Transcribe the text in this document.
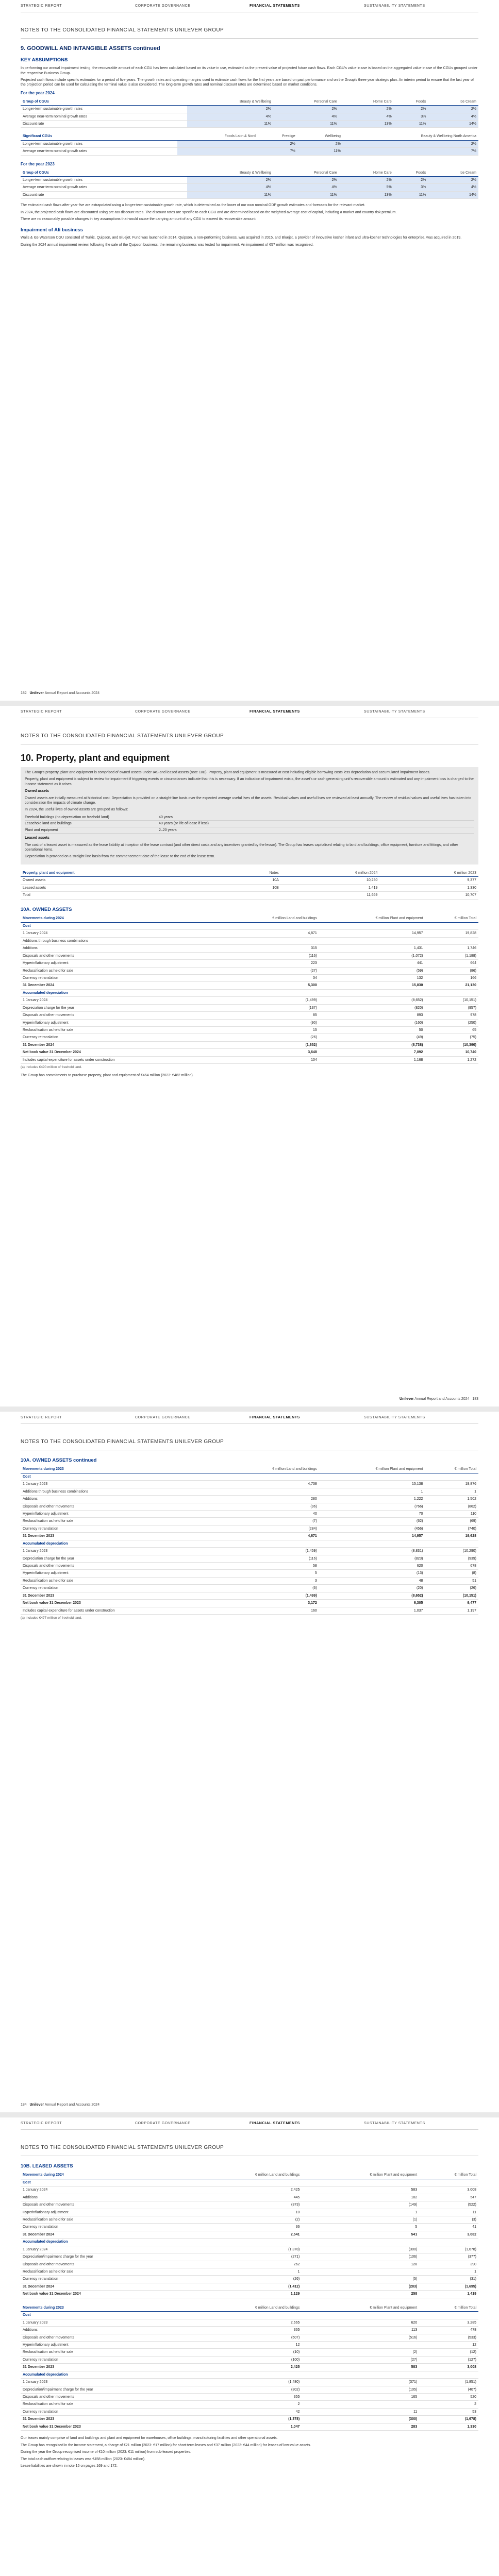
STRATEGIC REPORT	CORPORATE GOVERNANCE	FINANCIAL STATEMENTS	SUSTAINABILITY STATEMENTS
NOTES TO THE CONSOLIDATED FINANCIAL STATEMENTS UNILEVER GROUP
9. GOODWILL AND INTANGIBLE ASSETS continued
KEY ASSUMPTIONS

In performing our annual impairment testing, the recoverable amount of each CGU has been calculated based on its value in use, estimated as the present value of projected future cash flows. Each CGU's value in use is based on the aggregated value in use of the CGUs grouped under the respective Business Group.

Projected cash flows include specific estimates for a period of five years. The growth rates and operating margins used to estimate cash flows for the first years are based on past performance and on the Group's three year strategic plan. An interim period to ensure that the last year of the projection period can be used for calculating the terminal value is also considered. The long-term growth rates and nominal discount rates are determined based on market conditions.

For the year 2024
Group of CGUs	Beauty & Wellbeing	Personal Care	Home Care	Foods	Ice Cream
Longer-term sustainable growth rates	2%	2%	2%	2%	2%
Average near-term nominal growth rates	4%	4%	4%	3%	4%
Discount rate	11%	11%	13%	11%	14%
Significant CGUs	Foods Latin & Nord	Prestige	Wellbeing	Beauty & Wellbeing North America
Longer-term sustainable growth rates		2%	2%	2%
Average near-term nominal growth rates		7%	11%	7%
For the year 2023
Group of CGUs	Beauty & Wellbeing	Personal Care	Home Care	Foods	Ice Cream
Longer-term sustainable growth rates	2%	2%	2%	2%	2%
Average near-term nominal growth rates	4%	4%	5%	3%	4%
Discount rate	11%	11%	13%	11%	14%

The estimated cash flows after year five are extrapolated using a longer-term sustainable growth rate, which is determined as the lower of our own nominal GDP growth estimates and forecasts for the relevant market.

In 2024, the projected cash flows are discounted using pre-tax discount rates. The discount rates are specific to each CGU and are determined based on the weighted average cost of capital, including a market and country risk premium.

There are no reasonably possible changes in key assumptions that would cause the carrying amount of any CGU to exceed its recoverable amount.

Impairment of Ali business

Walls & Ice Waterson CGU consisted of Turkic, Quipson, and Bluejet. Fund was launched in 2014. Quipson, a non-performing business, was acquired in 2015, and Bluejet, a provider of innovative kosher infant and ultra-kosher technologies for enterprise, was acquired in 2019.

During the 2024 annual impairment review, following the sale of the Quipson business, the remaining business was tested for impairment. An impairment of €57 million was recognised.

182 Unilever Annual Report and Accounts 2024
STRATEGIC REPORT	CORPORATE GOVERNANCE	FINANCIAL STATEMENTS	SUSTAINABILITY STATEMENTS
NOTES TO THE CONSOLIDATED FINANCIAL STATEMENTS UNILEVER GROUP
10. Property, plant and equipment

The Group's property, plant and equipment is comprised of owned assets under IAS and leased assets (note 10B). Property, plant and equipment is measured at cost including eligible borrowing costs less depreciation and accumulated impairment losses.

Property, plant and equipment is subject to review for impairment if triggering events or circumstances indicate that this is necessary. If an indication of impairment exists, the asset's or cash generating unit's recoverable amount is estimated and any impairment loss is charged to the income statement as it arises.

Owned assets

Owned assets are initially measured at historical cost. Depreciation is provided on a straight-line basis over the expected average useful lives of the assets. Residual values and useful lives are reviewed at least annually. The review of residual values and useful lives has taken into consideration the impacts of climate change.

In 2024, the useful lives of owned assets are grouped as follows:

Freehold buildings (no depreciation on freehold land)	40 years
Leasehold land and buildings	40 years (or life of lease if less)
Plant and equipment	2–20 years

Leased assets

The cost of a leased asset is measured as the lease liability at inception of the lease contract (and other direct costs and any incentives granted by the lessor). The Group has leases capitalised relating to land and buildings, office equipment, furniture and fittings, and other operational items.

Depreciation is provided on a straight-line basis from the commencement date of the lease to the end of the lease term.

Property, plant and equipment	Notes	€ million 2024	€ million 2023
Owned assets	10A	10,250	9,377
Leased assets	10B	1,419	1,330
Total		11,669	10,707
10A. OWNED ASSETS
Movements during 2024	€ million Land and buildings	€ million Plant and equipment	€ million Total
Cost			
1 January 2024	4,871	14,957	19,828
Additions through business combinations			
Additions	315	1,431	1,746
Disposals and other movements	(116)	(1,072)	(1,188)
Hyperinflationary adjustment	223	441	664
Reclassification as held for sale	(27)	(59)	(86)
Currency retranslation	34	132	166
31 December 2024	5,300	15,830	21,130
Accumulated depreciation			
1 January 2024	(1,499)	(8,652)	(10,151)
Depreciation charge for the year	(137)	(820)	(957)
Disposals and other movements	85	893	978
Hyperinflationary adjustment	(90)	(160)	(250)
Reclassification as held for sale	15	50	65
Currency retranslation	(26)	(49)	(75)
31 December 2024	(1,652)	(8,738)	(10,390)
Net book value 31 December 2024	3,648	7,092	10,740
Includes capital expenditure for assets under construction	104	1,168	1,272
(a) Includes €490 million of freehold land.

The Group has commitments to purchase property, plant and equipment of €464 million (2023: €482 million).

Unilever Annual Report and Accounts 2024 183
STRATEGIC REPORT	CORPORATE GOVERNANCE	FINANCIAL STATEMENTS	SUSTAINABILITY STATEMENTS
NOTES TO THE CONSOLIDATED FINANCIAL STATEMENTS UNILEVER GROUP
10A. OWNED ASSETS continued
Movements during 2023	€ million Land and buildings	€ million Plant and equipment	€ million Total
Cost			
1 January 2023	4,738	15,138	19,876
Additions through business combinations		1	1
Additions	280	1,222	1,502
Disposals and other movements	(96)	(766)	(862)
Hyperinflationary adjustment	40	70	110
Reclassification as held for sale	(7)	(62)	(69)
Currency retranslation	(284)	(456)	(740)
31 December 2023	4,671	14,957	19,628
Accumulated depreciation			
1 January 2023	(1,459)	(8,831)	(10,290)
Depreciation charge for the year	(116)	(823)	(939)
Disposals and other movements	58	620	678
Hyperinflationary adjustment	5	(13)	(8)
Reclassification as held for sale	3	48	51
Currency retranslation	(6)	(20)	(26)
31 December 2023	(1,499)	(8,652)	(10,151)
Net book value 31 December 2023	3,172	6,305	9,477
Includes capital expenditure for assets under construction	160	1,037	1,197
(a) Includes €477 million of freehold land.
184 Unilever Annual Report and Accounts 2024
STRATEGIC REPORT	CORPORATE GOVERNANCE	FINANCIAL STATEMENTS	SUSTAINABILITY STATEMENTS
NOTES TO THE CONSOLIDATED FINANCIAL STATEMENTS UNILEVER GROUP
10B. LEASED ASSETS
Movements during 2024	€ million Land and buildings	€ million Plant and equipment	€ million Total
Cost			
1 January 2024	2,425	583	3,008
Additions	445	102	547
Disposals and other movements	(373)	(149)	(522)
Hyperinflationary adjustment	10	1	11
Reclassification as held for sale	(2)	(1)	(3)
Currency retranslation	36	5	41
31 December 2024	2,541	541	3,082
Accumulated depreciation			
1 January 2024	(1,378)	(300)	(1,678)
Depreciation/impairment charge for the year	(271)	(106)	(377)
Disposals and other movements	262	128	390
Reclassification as held for sale	1		1
Currency retranslation	(26)	(5)	(31)
31 December 2024	(1,412)	(283)	(1,695)
Net book value 31 December 2024	1,129	258	1,419
Movements during 2023	€ million Land and buildings	€ million Plant and equipment	€ million Total
Cost			
1 January 2023	2,665	620	3,285
Additions	365	113	478
Disposals and other movements	(507)	(516)	(533)
Hyperinflationary adjustment	12		12
Reclassification as held for sale	(10)	(2)	(12)
Currency retranslation	(100)	(27)	(127)
31 December 2023	2,425	583	3,008
Accumulated depreciation			
1 January 2023	(1,480)	(371)	(1,851)
Depreciation/impairment charge for the year	(302)	(105)	(407)
Disposals and other movements	355	165	520
Reclassification as held for sale	2		2
Currency retranslation	42	11	53
31 December 2023	(1,378)	(300)	(1,678)
Net book value 31 December 2023	1,047	283	1,330

Our leases mainly comprise of land and buildings and plant and equipment for warehouses, office buildings, manufacturing facilities and other operational assets.

The Group has recognised in the income statement, a charge of €21 million (2023: €17 million) for short-term leases and €37 million (2023: €44 million) for leases of low-value assets.

During the year the Group recognised income of €10 million (2023: €11 million) from sub-leased properties.

The total cash outflow relating to leases was €458 million (2023: €484 million).

Lease liabilities are shown in note 15 on pages 169 and 172.
